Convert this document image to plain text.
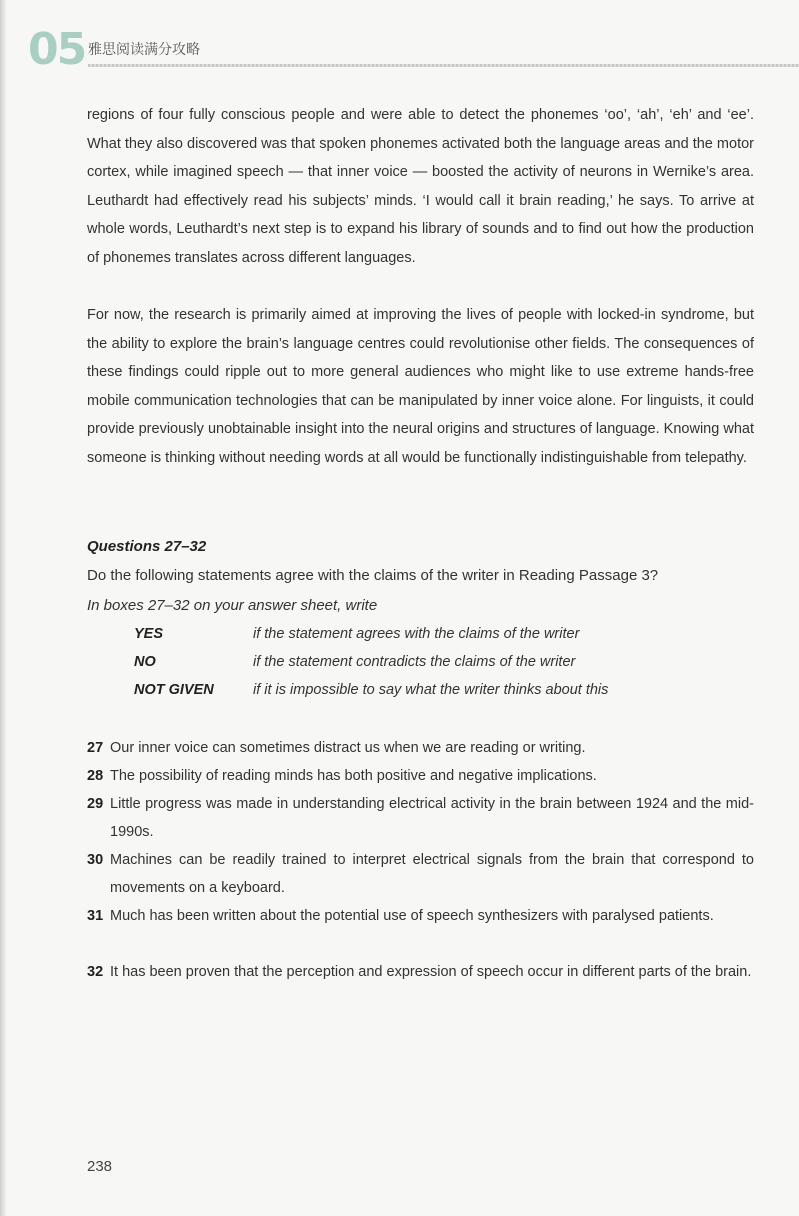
05 雅思阅读满分攻略

regions of four fully conscious people and were able to detect the phonemes ‘oo’, ‘ah’, ‘eh’ and ‘ee’. What they also discovered was that spoken phonemes activated both the language areas and the motor cortex, while imagined speech — that inner voice — boosted the activity of neurons in Wernike’s area. Leuthardt had effectively read his subjects’ minds. ‘I would call it brain reading,’ he says. To arrive at whole words, Leuthardt’s next step is to expand his library of sounds and to find out how the production of phonemes translates across different languages.

For now, the research is primarily aimed at improving the lives of people with locked-in syndrome, but the ability to explore the brain’s language centres could revolutionise other fields. The consequences of these findings could ripple out to more general audiences who might like to use extreme hands-free mobile communication technologies that can be manipulated by inner voice alone. For linguists, it could provide previously unobtainable insight into the neural origins and structures of language. Knowing what someone is thinking without needing words at all would be functionally indistinguishable from telepathy.

Questions 27–32
Do the following statements agree with the claims of the writer in Reading Passage 3?
In boxes 27–32 on your answer sheet, write
YES	if the statement agrees with the claims of the writer
NO	if the statement contradicts the claims of the writer
NOT GIVEN	if it is impossible to say what the writer thinks about this
27 Our inner voice can sometimes distract us when we are reading or writing.
28 The possibility of reading minds has both positive and negative implications.
29 Little progress was made in understanding electrical activity in the brain between 1924 and the mid-1990s.
30 Machines can be readily trained to interpret electrical signals from the brain that correspond to movements on a keyboard.
31 Much has been written about the potential use of speech synthesizers with paralysed patients.
32 It has been proven that the perception and expression of speech occur in different parts of the brain.
238
